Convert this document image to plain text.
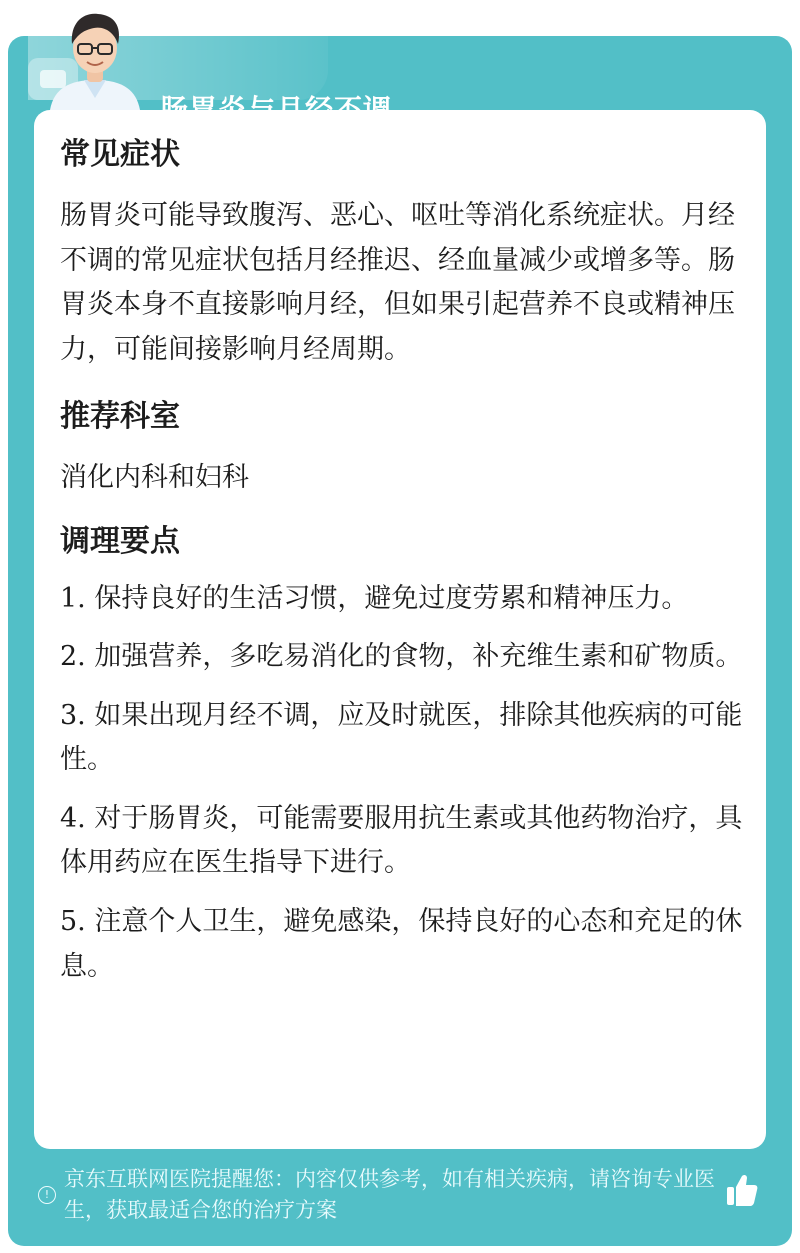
常见症状

肠胃炎可能导致腹泻、恶心、呕吐等消化系统症状。月经不调的常见症状包括月经推迟、经血量减少或增多等。肠胃炎本身不直接影响月经，但如果引起营养不良或精神压力，可能间接影响月经周期。

推荐科室

消化内科和妇科

调理要点

1. 保持良好的生活习惯，避免过度劳累和精神压力。

2. 加强营养，多吃易消化的食物，补充维生素和矿物质。

3. 如果出现月经不调，应及时就医，排除其他疾病的可能性。

4. 对于肠胃炎，可能需要服用抗生素或其他药物治疗，具体用药应在医生指导下进行。

5. 注意个人卫生，避免感染，保持良好的心态和充足的休息。

!
京东互联网医院提醒您：内容仅供参考，如有相关疾病，请咨询专业医生，获取最适合您的治疗方案
